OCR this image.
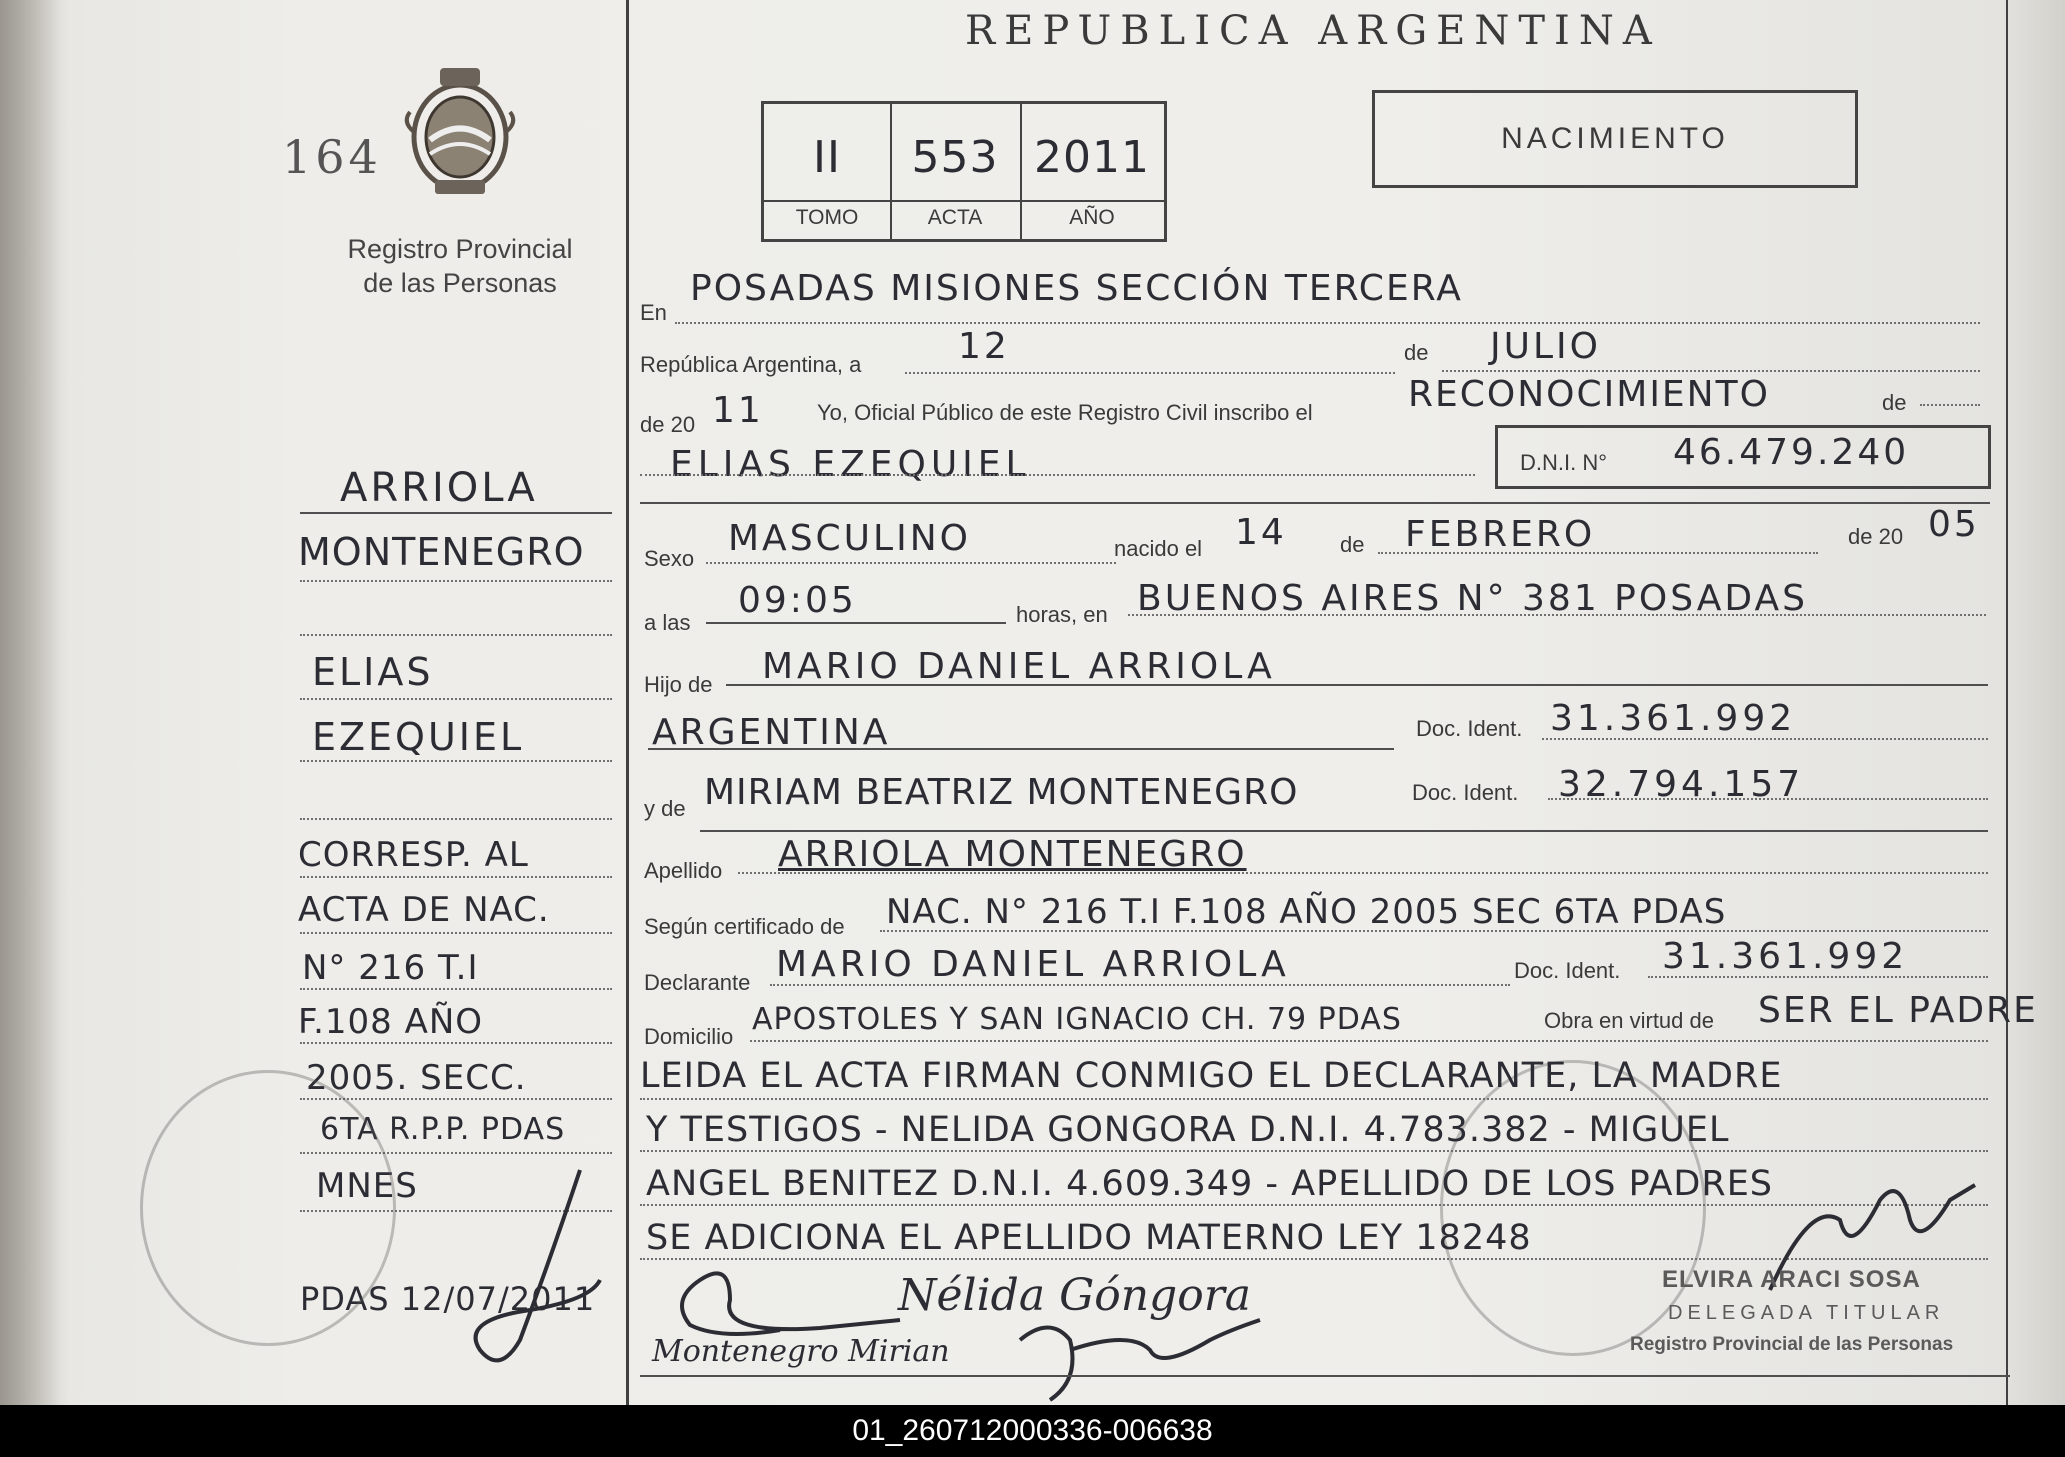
REPUBLICA ARGENTINA
164
Registro Provincial
de las Personas
II	553 2011
TOMO	ACTA	AÑO
NACIMIENTO
ARRIOLA
MONTENEGRO
ELIAS
EZEQUIEL
CORRESP. AL
ACTA DE NAC.
N° 216 T.I
F.108 AÑO
2005. SECC.
6TA R.P.P. PDAS
MNES
PDAS 12/07/2011
En
POSADAS MISIONES SECCIÓN TERCERA
República Argentina, a	12	de JULIO
de 20 11 Yo, Oficial Público de este Registro Civil inscribo el	RECONOCIMIENTO	de
ELIAS EZEQUIEL	D.N.I. N° 46.479.240
Sexo MASCULINO	nacido el 14 de FEBRERO	de 20 05
a las
09:05	horas, en BUENOS AIRES N° 381 POSADAS
Hijo de MARIO DANIEL ARRIOLA
ARGENTINA	Doc. Ident. 31.361.992
y de MIRIAM BEATRIZ MONTENEGRO	Doc. Ident. 32.794.157
Apellido ARRIOLA MONTENEGRO
Según certificado de NAC. N° 216 T.I F.108 AÑO 2005 SEC 6TA PDAS
Declarante MARIO DANIEL ARRIOLA	Doc. Ident. 31.361.992
Domicilio APOSTOLES Y SAN IGNACIO CH. 79 PDAS	Obra en virtud de SER EL PADRE
LEIDA EL ACTA FIRMAN CONMIGO EL DECLARANTE, LA MADRE
Y TESTIGOS - NELIDA GONGORA D.N.I. 4.783.382 - MIGUEL
ANGEL BENITEZ D.N.I. 4.609.349 - APELLIDO DE LOS PADRES
SE ADICIONA EL APELLIDO MATERNO LEY 18248
Nélida Góngora
Montenegro Mirian
ELVIRA ARACI SOSA
DELEGADA TITULAR
Registro Provincial de las Personas
01_260712000336-006638
